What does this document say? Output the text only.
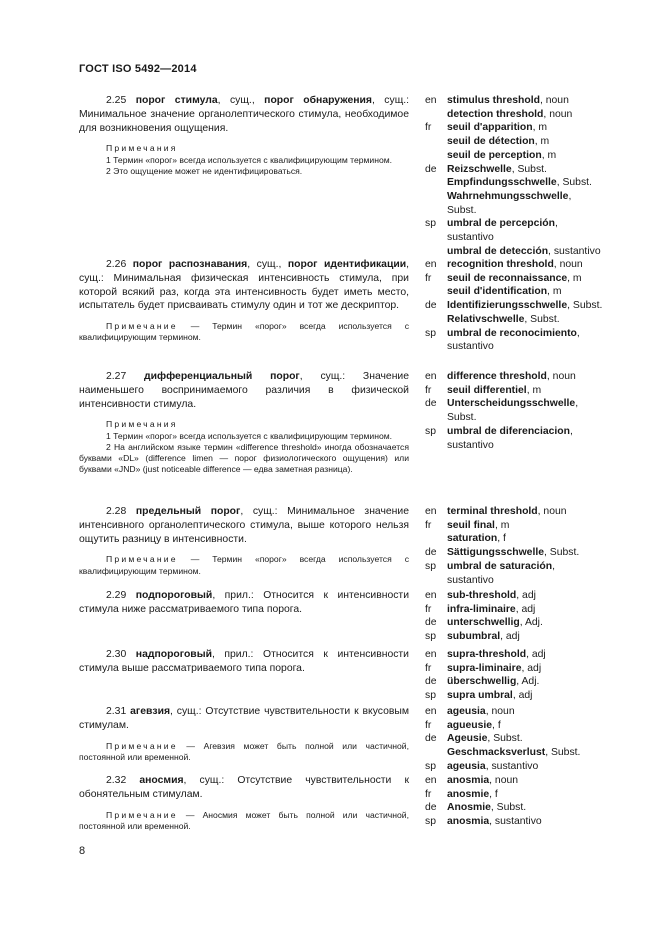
ГОСТ ISO 5492—2014

2.25 порог стимула, сущ., порог обнаружения, сущ.: Минимальное значение органолептического стимула, необходимое для возникновения ощущения.

Примечания

1 Термин «порог» всегда используется с квалифицирующим термином.

2 Это ощущение может не идентифицироваться.

en	stimulus threshold, noun
detection threshold, noun
fr	seuil d'apparition, m
seuil de détection, m
seuil de perception, m
de	Reizschwelle, Subst.
Empfindungsschwelle, Subst.
Wahrnehmungsschwelle,
Subst.
sp	umbral de percepción,
sustantivo
umbral de detección, sustantivo

2.26 порог распознавания, сущ., порог идентификации, сущ.: Минимальная физическая интенсивность стимула, при которой всякий раз, когда эта интенсивность будет иметь место, испытатель будет присваивать стимулу один и тот же дескриптор.

Примечание — Термин «порог» всегда используется с квалифицирующим термином.

en	recognition threshold, noun
fr	seuil de reconnaissance, m
seuil d'identification, m
de	Identifizierungsschwelle, Subst.
Relativschwelle, Subst.
sp	umbral de reconocimiento,
sustantivo

2.27 дифференциальный порог, сущ.: Значение наименьшего воспринимаемого различия в физической интенсивности стимула.

Примечания

1 Термин «порог» всегда используется с квалифицирующим термином.

2 На английском языке термин «difference threshold» иногда обозначается буквами «DL» (difference limen — порог физиологического ощущения) или буквами «JND» (just noticeable difference — едва заметная разница).

en	difference threshold, noun
fr	seuil differentiel, m
de	Unterscheidungsschwelle,
Subst.
sp	umbral de diferenciacion,
sustantivo

2.28 предельный порог, сущ.: Минимальное значение интенсивного органолептического стимула, выше которого нельзя ощутить разницу в интенсивности.

Примечание — Термин «порог» всегда используется с квалифицирующим термином.

en	terminal threshold, noun
fr	seuil final, m
saturation, f
de	Sättigungsschwelle, Subst.
sp	umbral de saturación,
sustantivo

2.29 подпороговый, прил.: Относится к интенсивности стимула ниже рассматриваемого типа порога.

en	sub-threshold, adj
fr	infra-liminaire, adj
de	unterschwellig, Adj.
sp	subumbral, adj

2.30 надпороговый, прил.: Относится к интенсивности стимула выше рассматриваемого типа порога.

en	supra-threshold, adj
fr	supra-liminaire, adj
de	überschwellig, Adj.
sp	supra umbral, adj

2.31 агевзия, сущ.: Отсутствие чувствительности к вкусовым стимулам.

Примечание — Агевзия может быть полной или частичной, постоянной или временной.

en	ageusia, noun
fr	agueusie, f
de	Ageusie, Subst.
Geschmacksverlust, Subst.
sp	ageusia, sustantivo

2.32 аносмия, сущ.: Отсутствие чувствительности к обонятельным стимулам.

Примечание — Аносмия может быть полной или частичной, постоянной или временной.

en	anosmia, noun
fr	anosmie, f
de	Anosmie, Subst.
sp	anosmia, sustantivo
8
